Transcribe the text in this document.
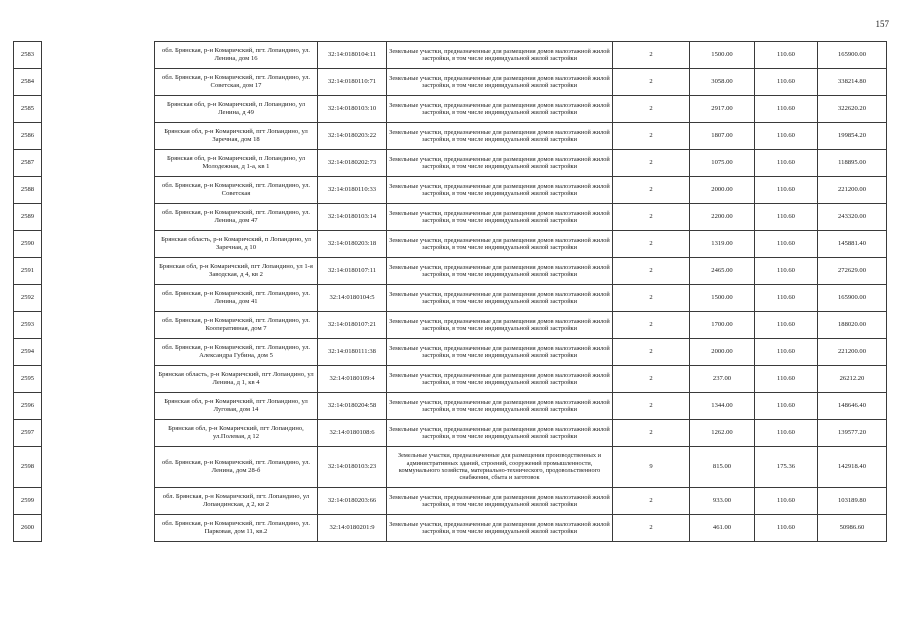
157
2583		обл. Брянская, р-н Комаричский, пгт. Лопандино, ул. Ленина, дом 16	32:14:0180104:11	Земельные участки, предназначенные для размещения домов малоэтажной жилой застройки, в том числе индивидуальной жилой застройки	2	1500.00	110.60	165900.00
2584		обл. Брянская, р-н Комаричский, пгт. Лопандино, ул. Советская, дом 17	32:14:0180110:71	Земельные участки, предназначенные для размещения домов малоэтажной жилой застройки, в том числе индивидуальной жилой застройки	2	3058.00	110.60	338214.80
2585		Брянская обл, р-н Комаричский, п Лопандино, ул Ленина, д 49	32:14:0180103:10	Земельные участки, предназначенные для размещения домов малоэтажной жилой застройки, в том числе индивидуальной жилой застройки	2	2917.00	110.60	322620.20
2586		Брянская обл, р-н Комаричский, пгт Лопандино, ул Заречная, дом 18	32:14:0180203:22	Земельные участки, предназначенные для размещения домов малоэтажной жилой застройки, в том числе индивидуальной жилой застройки	2	1807.00	110.60	199854.20
2587		Брянская обл, р-н Комаричский, п Лопандино, ул Молодежная, д 1-а, кв 1	32:14:0180202:73	Земельные участки, предназначенные для размещения домов малоэтажной жилой застройки, в том числе индивидуальной жилой застройки	2	1075.00	110.60	118895.00
2588		обл. Брянская, р-н Комаричский, пгт. Лопандино, ул. Советская	32:14:0180110:33	Земельные участки, предназначенные для размещения домов малоэтажной жилой застройки, в том числе индивидуальной жилой застройки	2	2000.00	110.60	221200.00
2589		обл. Брянская, р-н Комаричский, пгт. Лопандино, ул. Ленина, дом 47	32:14:0180103:14	Земельные участки, предназначенные для размещения домов малоэтажной жилой застройки, в том числе индивидуальной жилой застройки	2	2200.00	110.60	243320.00
2590		Брянская область, р-н Комаричский, п Лопандино, ул Заречная, д 10	32:14:0180203:18	Земельные участки, предназначенные для размещения домов малоэтажной жилой застройки, в том числе индивидуальной жилой застройки	2	1319.00	110.60	145881.40
2591		Брянская обл, р-н Комаричский, пгт Лопандино, ул 1-я Заводская, д 4, кв 2	32:14:0180107:11	Земельные участки, предназначенные для размещения домов малоэтажной жилой застройки, в том числе индивидуальной жилой застройки	2	2465.00	110.60	272629.00
2592		обл. Брянская, р-н Комаричский, пгт. Лопандино, ул. Ленина, дом 41	32:14:0180104:5	Земельные участки, предназначенные для размещения домов малоэтажной жилой застройки, в том числе индивидуальной жилой застройки	2	1500.00	110.60	165900.00
2593		обл. Брянская, р-н Комаричский, пгт. Лопандино, ул. Кооперативная, дом 7	32:14:0180107:21	Земельные участки, предназначенные для размещения домов малоэтажной жилой застройки, в том числе индивидуальной жилой застройки	2	1700.00	110.60	188020.00
2594		обл. Брянская, р-н Комаричский, пгт. Лопандино, ул. Александра Губина, дом 5	32:14:0180111:38	Земельные участки, предназначенные для размещения домов малоэтажной жилой застройки, в том числе индивидуальной жилой застройки	2	2000.00	110.60	221200.00
2595		Брянская область, р-н Комаричский, пгт Лопандино, ул Ленина, д 1, кв 4	32:14:0180109:4	Земельные участки, предназначенные для размещения домов малоэтажной жилой застройки, в том числе индивидуальной жилой застройки	2	237.00	110.60	26212.20
2596		Брянская обл, р-н Комаричский, пгт Лопандино, ул Луговая, дом 14	32:14:0180204:58	Земельные участки, предназначенные для размещения домов малоэтажной жилой застройки, в том числе индивидуальной жилой застройки	2	1344.00	110.60	148646.40
2597		Брянская обл, р-н Комаричский, пгт Лопандино, ул.Полевая, д 12	32:14:0180108:6	Земельные участки, предназначенные для размещения домов малоэтажной жилой застройки, в том числе индивидуальной жилой застройки	2	1262.00	110.60	139577.20
2598		обл. Брянская, р-н Комаричский, пгт. Лопандино, ул. Ленина, дом 28-б	32:14:0180103:23	Земельные участки, предназначенные для размещения производственных и административных зданий, строений, сооружений промышленности, коммунального хозяйства, материально-технического, продовольственного снабжения, сбыта и заготовок	9	815.00	175.36	142918.40
2599		обл. Брянская, р-н Комаричский, пгт. Лопандино, ул Лопандинская, д 2, кв 2	32:14:0180203:66	Земельные участки, предназначенные для размещения домов малоэтажной жилой застройки, в том числе индивидуальной жилой застройки	2	933.00	110.60	103189.80
2600		обл. Брянская, р-н Комаричский, пгт. Лопандино, ул. Парковая, дом 11, кв.2	32:14:0180201:9	Земельные участки, предназначенные для размещения домов малоэтажной жилой застройки, в том числе индивидуальной жилой застройки	2	461.00	110.60	50986.60
